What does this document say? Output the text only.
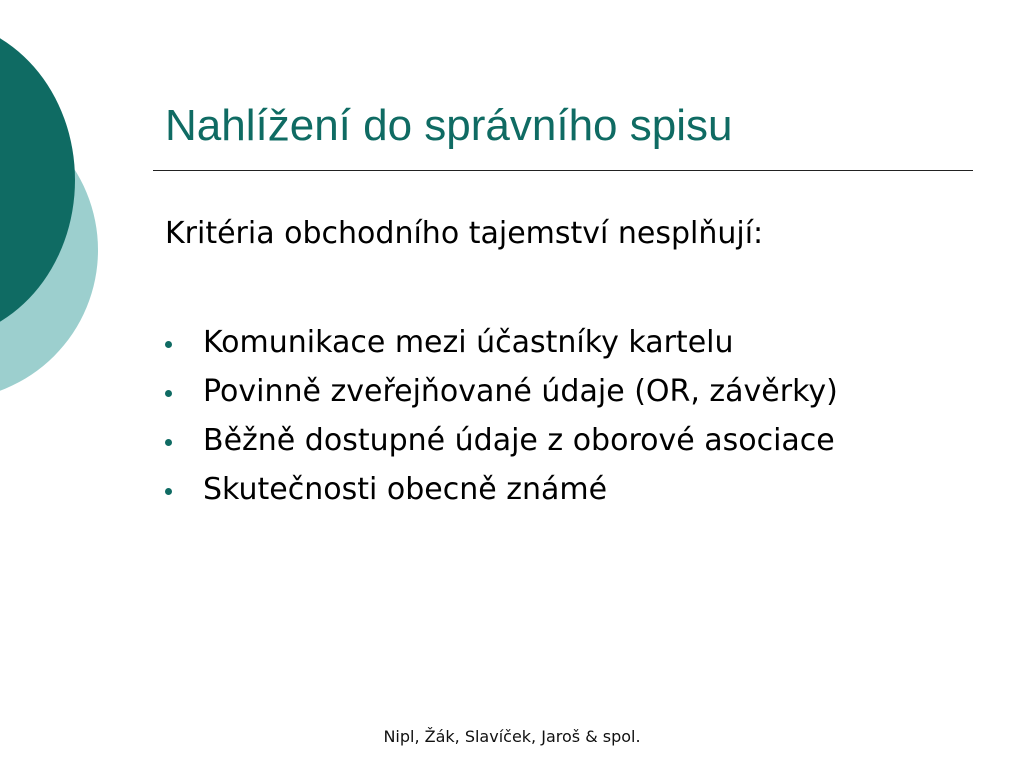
Nahlížení do správního spisu
Kritéria obchodního tajemství nesplňují:
Komunikace mezi účastníky kartelu
Povinně zveřejňované údaje (OR, závěrky)
Běžně dostupné údaje z oborové asociace
Skutečnosti obecně známé
Nipl, Žák, Slavíček, Jaroš & spol.
